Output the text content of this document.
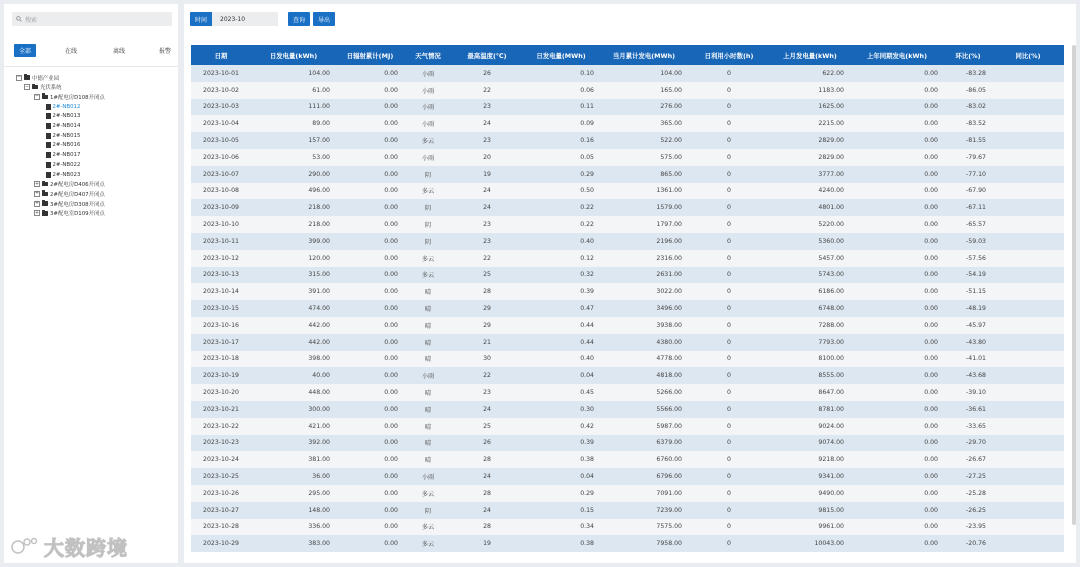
搜索
全部	在线	离线	报警
− 中德产业园
− 光伏系统
− 1#配电房D108开闭点
2#-NB012
2#-NB013
2#-NB014
2#-NB015
2#-NB016
2#-NB017
2#-NB022
2#-NB023
+ 2#配电房D406开闭点
+ 2#配电房D407开闭点
+ 3#配电房D308开闭点
+ 3#配电室D109开闭点
时间	2023-10	查询	导出
日期	日发电量(kWh)	日辐射累计(MJ)	天气情况	最高温度(℃)	日发电量(MWh)	当月累计发电(MWh)	日利用小时数(h)	上月发电量(kWh)	上年同期发电(kWh)	环比(%)	同比(%)
2023-10-01	104.00	0.00	小雨	26	0.10	104.00	0	622.00	0.00	-83.28	
2023-10-02	61.00	0.00	小雨	22	0.06	165.00	0	1183.00	0.00	-86.05	
2023-10-03	111.00	0.00	小雨	23	0.11	276.00	0	1625.00	0.00	-83.02	
2023-10-04	89.00	0.00	小雨	24	0.09	365.00	0	2215.00	0.00	-83.52	
2023-10-05	157.00	0.00	多云	23	0.16	522.00	0	2829.00	0.00	-81.55	
2023-10-06	53.00	0.00	小雨	20	0.05	575.00	0	2829.00	0.00	-79.67	
2023-10-07	290.00	0.00	阴	19	0.29	865.00	0	3777.00	0.00	-77.10	
2023-10-08	496.00	0.00	多云	24	0.50	1361.00	0	4240.00	0.00	-67.90	
2023-10-09	218.00	0.00	阴	24	0.22	1579.00	0	4801.00	0.00	-67.11	
2023-10-10	218.00	0.00	阴	23	0.22	1797.00	0	5220.00	0.00	-65.57	
2023-10-11	399.00	0.00	阴	23	0.40	2196.00	0	5360.00	0.00	-59.03	
2023-10-12	120.00	0.00	多云	22	0.12	2316.00	0	5457.00	0.00	-57.56	
2023-10-13	315.00	0.00	多云	25	0.32	2631.00	0	5743.00	0.00	-54.19	
2023-10-14	391.00	0.00	晴	28	0.39	3022.00	0	6186.00	0.00	-51.15	
2023-10-15	474.00	0.00	晴	29	0.47	3496.00	0	6748.00	0.00	-48.19	
2023-10-16	442.00	0.00	晴	29	0.44	3938.00	0	7288.00	0.00	-45.97	
2023-10-17	442.00	0.00	晴	21	0.44	4380.00	0	7793.00	0.00	-43.80	
2023-10-18	398.00	0.00	晴	30	0.40	4778.00	0	8100.00	0.00	-41.01	
2023-10-19	40.00	0.00	小雨	22	0.04	4818.00	0	8555.00	0.00	-43.68	
2023-10-20	448.00	0.00	晴	23	0.45	5266.00	0	8647.00	0.00	-39.10	
2023-10-21	300.00	0.00	晴	24	0.30	5566.00	0	8781.00	0.00	-36.61	
2023-10-22	421.00	0.00	晴	25	0.42	5987.00	0	9024.00	0.00	-33.65	
2023-10-23	392.00	0.00	晴	26	0.39	6379.00	0	9074.00	0.00	-29.70	
2023-10-24	381.00	0.00	晴	28	0.38	6760.00	0	9218.00	0.00	-26.67	
2023-10-25	36.00	0.00	小雨	24	0.04	6796.00	0	9341.00	0.00	-27.25	
2023-10-26	295.00	0.00	多云	28	0.29	7091.00	0	9490.00	0.00	-25.28	
2023-10-27	148.00	0.00	阴	24	0.15	7239.00	0	9815.00	0.00	-26.25	
2023-10-28	336.00	0.00	多云	28	0.34	7575.00	0	9961.00	0.00	-23.95	
2023-10-29	383.00	0.00	多云	19	0.38	7958.00	0	10043.00	0.00	-20.76	
大数跨境
